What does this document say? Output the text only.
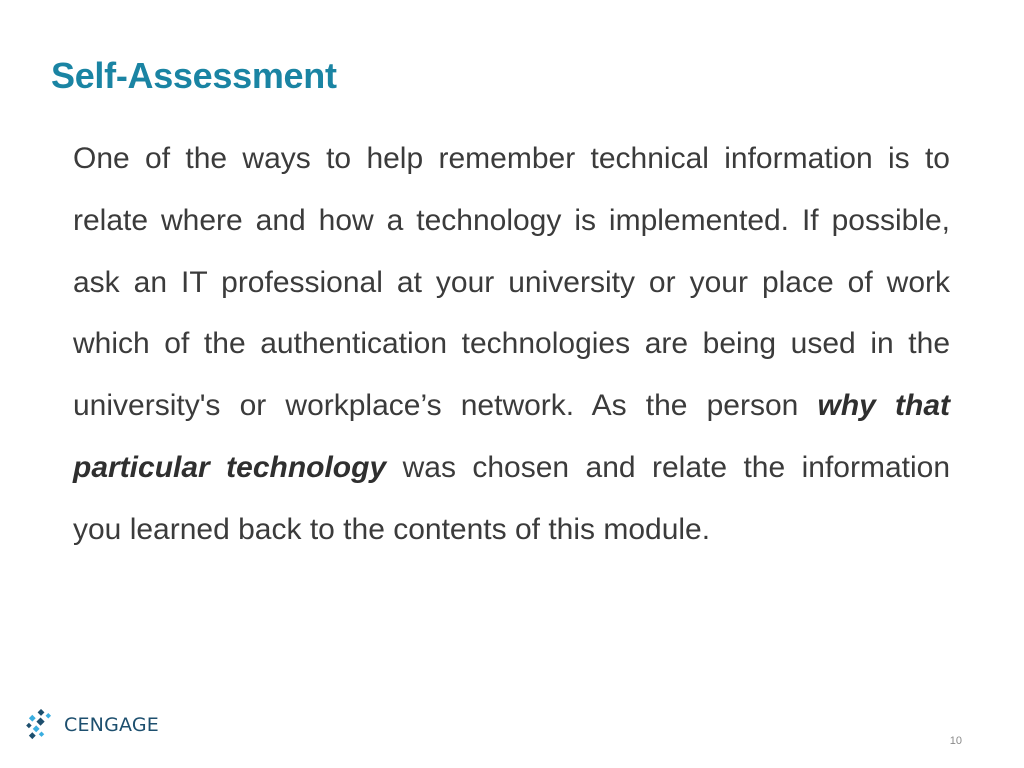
Self-Assessment

One of the ways to help remember technical information is to relate where and how a technology is implemented. If possible, ask an IT professional at your university or your place of work which of the authentication technologies are being used in the university's or workplace’s network. As the person why that particular technology was chosen and relate the information you learned back to the contents of this module.

CENGAGE
10
